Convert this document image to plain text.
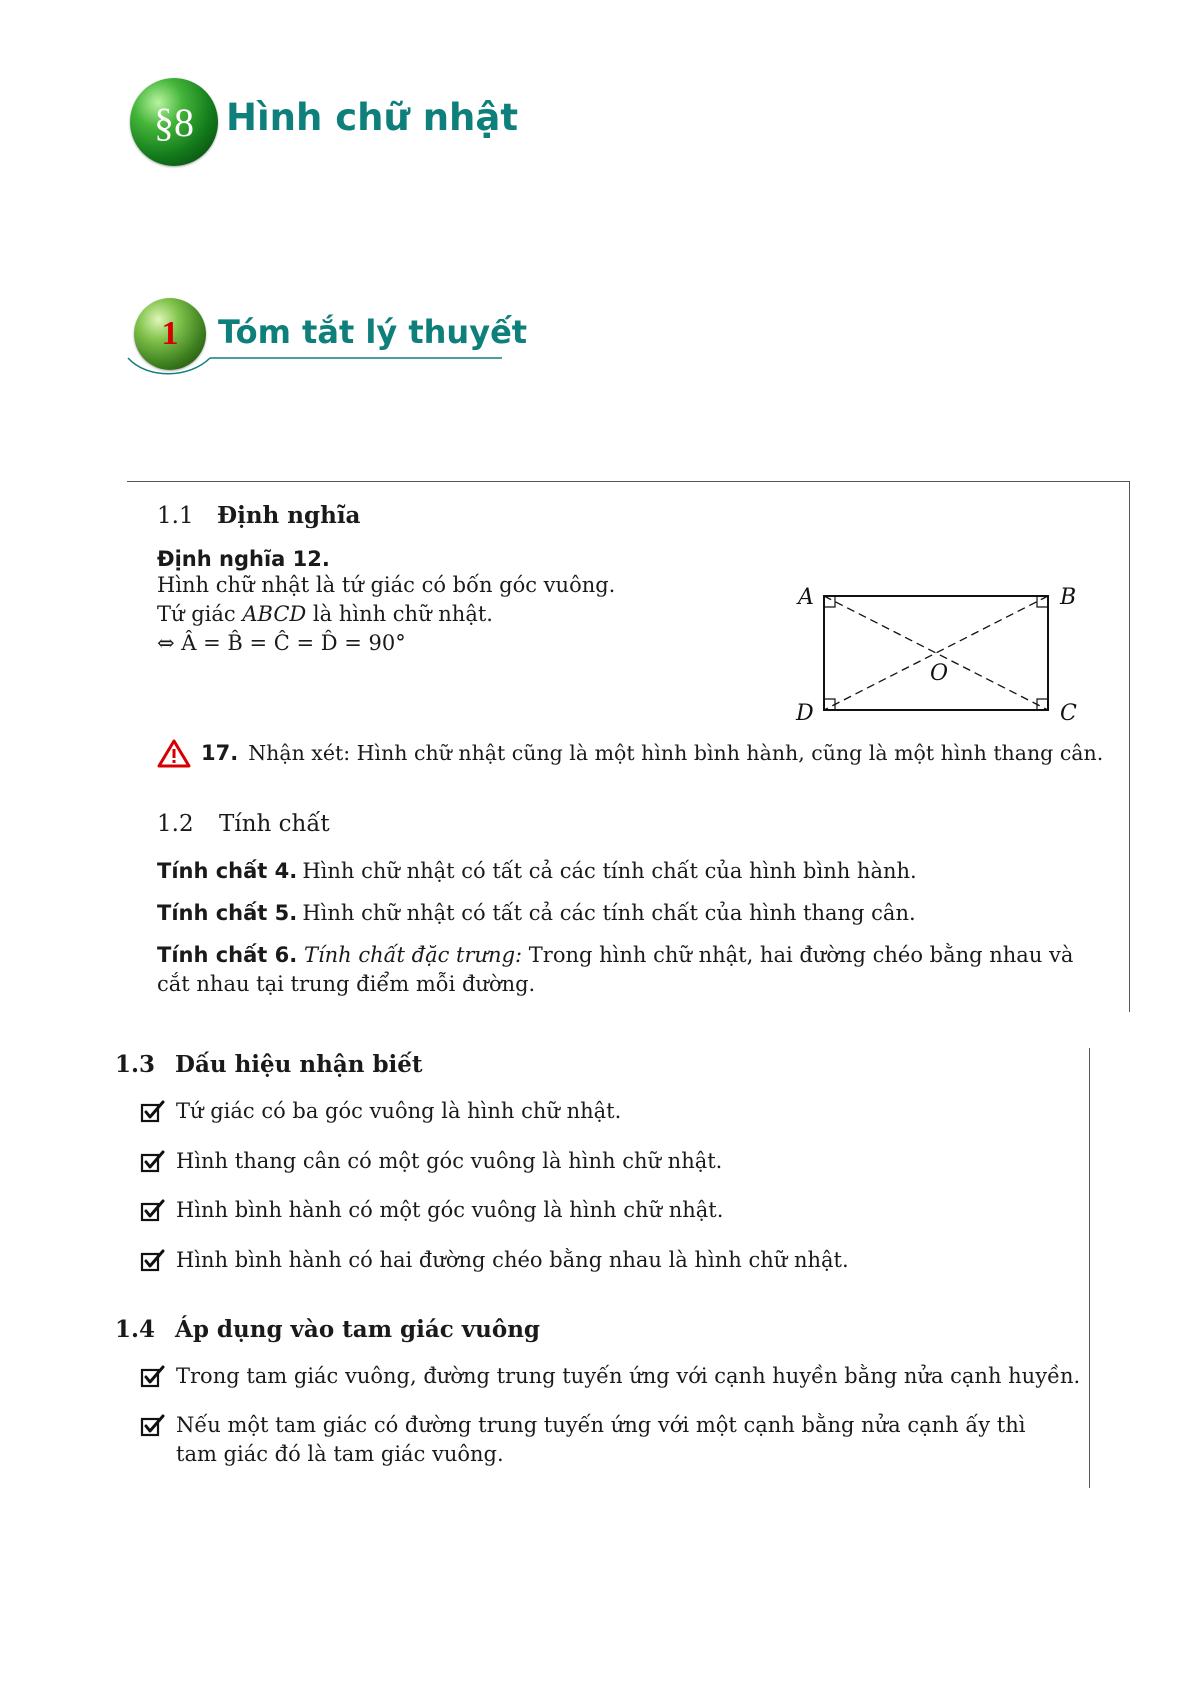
§8 Hình chữ nhật
1 Tóm tắt lý thuyết
1.1 Định nghĩa
Định nghĩa 12.
Hình chữ nhật là tứ giác có bốn góc vuông.
Tứ giác ABCD là hình chữ nhật.
⇔ Â = B̂ = Ĉ = D̂ = 90°
A	B
C
D
O
17. Nhận xét: Hình chữ nhật cũng là một hình bình hành, cũng là một hình thang cân.
1.2 Tính chất
Tính chất 4. Hình chữ nhật có tất cả các tính chất của hình bình hành.
Tính chất 5. Hình chữ nhật có tất cả các tính chất của hình thang cân.
Tính chất 6. Tính chất đặc trưng: Trong hình chữ nhật, hai đường chéo bằng nhau và cắt nhau tại trung điểm mỗi đường.
1.3 Dấu hiệu nhận biết
Tứ giác có ba góc vuông là hình chữ nhật.
Hình thang cân có một góc vuông là hình chữ nhật.
Hình bình hành có một góc vuông là hình chữ nhật.
Hình bình hành có hai đường chéo bằng nhau là hình chữ nhật.
1.4 Áp dụng vào tam giác vuông
Trong tam giác vuông, đường trung tuyến ứng với cạnh huyền bằng nửa cạnh huyền.
Nếu một tam giác có đường trung tuyến ứng với một cạnh bằng nửa cạnh ấy thì tam giác đó là tam giác vuông.
